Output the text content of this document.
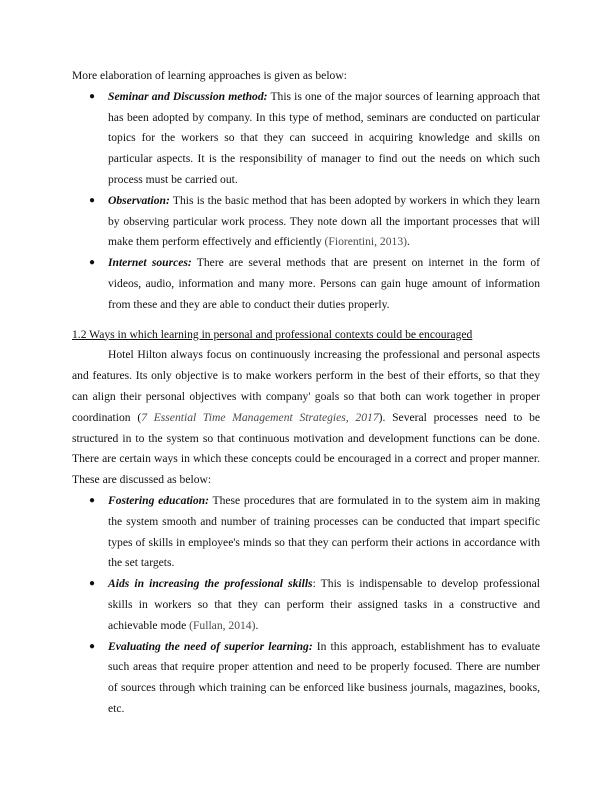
More elaboration of learning approaches is given as below:

● Seminar and Discussion method: This is one of the major sources of learning approach that has been adopted by company. In this type of method, seminars are conducted on particular topics for the workers so that they can succeed in acquiring knowledge and skills on particular aspects. It is the responsibility of manager to find out the needs on which such process must be carried out.
● Observation: This is the basic method that has been adopted by workers in which they learn by observing particular work process. They note down all the important processes that will make them perform effectively and efficiently (Fiorentini, 2013).
● Internet sources: There are several methods that are present on internet in the form of videos, audio, information and many more. Persons can gain huge amount of information from these and they are able to conduct their duties properly.

1.2 Ways in which learning in personal and professional contexts could be encouraged

Hotel Hilton always focus on continuously increasing the professional and personal aspects and features. Its only objective is to make workers perform in the best of their efforts, so that they can align their personal objectives with company' goals so that both can work together in proper coordination (7 Essential Time Management Strategies, 2017). Several processes need to be structured in to the system so that continuous motivation and development functions can be done. There are certain ways in which these concepts could be encouraged in a correct and proper manner. These are discussed as below:

● Fostering education: These procedures that are formulated in to the system aim in making the system smooth and number of training processes can be conducted that impart specific types of skills in employee's minds so that they can perform their actions in accordance with the set targets.
● Aids in increasing the professional skills: This is indispensable to develop professional skills in workers so that they can perform their assigned tasks in a constructive and achievable mode (Fullan, 2014).
● Evaluating the need of superior learning: In this approach, establishment has to evaluate such areas that require proper attention and need to be properly focused. There are number of sources through which training can be enforced like business journals, magazines, books, etc.
